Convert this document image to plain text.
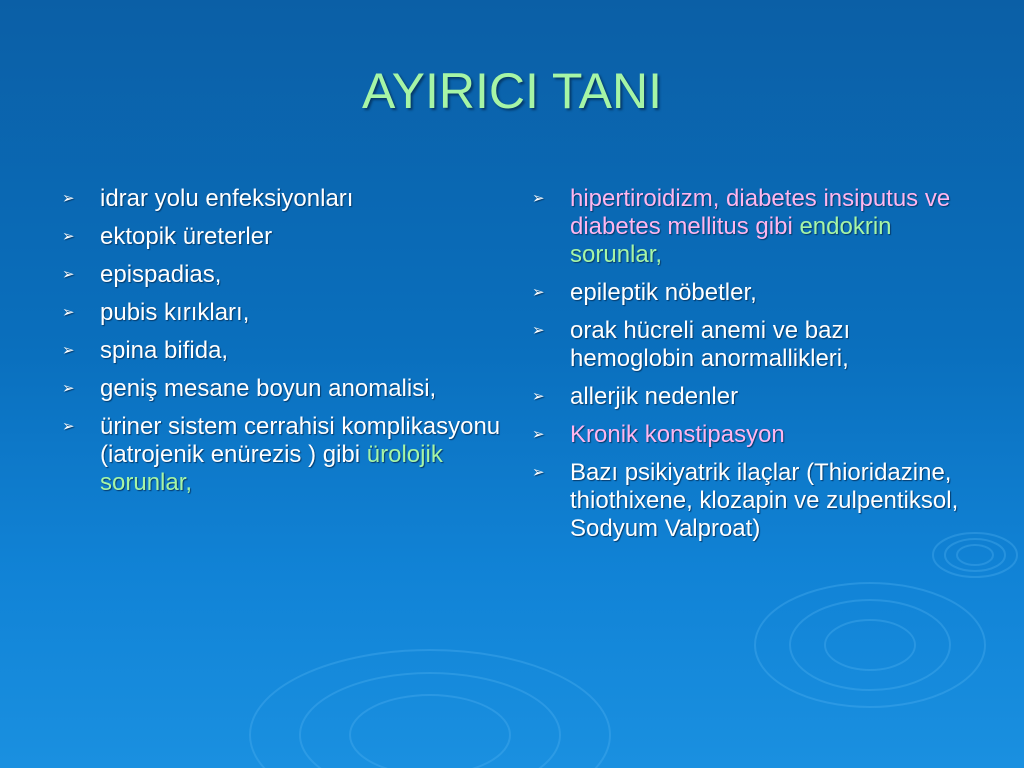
AYIRICI TANI
➢	idrar yolu enfeksiyonları
➢	ektopik üreterler
➢	epispadias,
➢	pubis kırıkları,
➢	spina bifida,
➢	geniş mesane boyun anomalisi,
➢	üriner sistem cerrahisi komplikasyonu (iatrojenik enürezis ) gibi ürolojik sorunlar,
➢	hipertiroidizm, diabetes insiputus ve diabetes mellitus gibi endokrin sorunlar,
➢	epileptik nöbetler,
➢	orak hücreli anemi ve bazı hemoglobin anormallikleri,
➢	allerjik nedenler
➢	Kronik konstipasyon
➢	Bazı psikiyatrik ilaçlar (Thioridazine, thiothixene, klozapin ve zulpentiksol, Sodyum Valproat)
